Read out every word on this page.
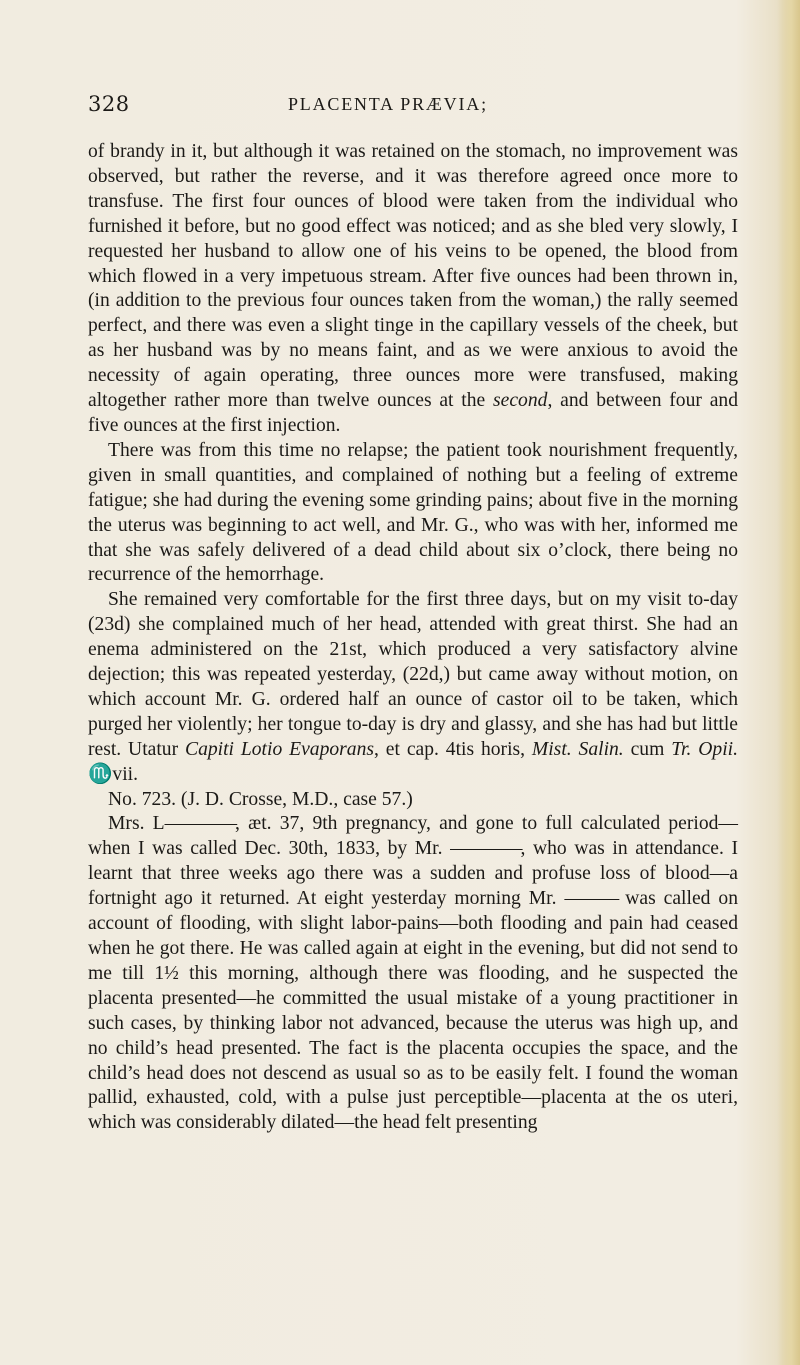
328	PLACENTA PRÆVIA;

of brandy in it, but although it was retained on the stomach, no improvement was observed, but rather the reverse, and it was therefore agreed once more to transfuse. The first four ounces of blood were taken from the individual who furnished it before, but no good effect was noticed; and as she bled very slowly, I requested her husband to allow one of his veins to be opened, the blood from which flowed in a very impetuous stream. After five ounces had been thrown in, (in addition to the previous four ounces taken from the woman,) the rally seemed perfect, and there was even a slight tinge in the capillary vessels of the cheek, but as her husband was by no means faint, and as we were anxious to avoid the necessity of again operating, three ounces more were transfused, making altogether rather more than twelve ounces at the second, and between four and five ounces at the first injection.

There was from this time no relapse; the patient took nourishment frequently, given in small quantities, and complained of nothing but a feeling of extreme fatigue; she had during the evening some grinding pains; about five in the morning the uterus was beginning to act well, and Mr. G., who was with her, informed me that she was safely delivered of a dead child about six o’clock, there being no recurrence of the hemorrhage.

She remained very comfortable for the first three days, but on my visit to-day (23d) she complained much of her head, attended with great thirst. She had an enema administered on the 21st, which produced a very satisfactory alvine dejection; this was repeated yesterday, (22d,) but came away without motion, on which account Mr. G. ordered half an ounce of castor oil to be taken, which purged her violently; her tongue to-day is dry and glassy, and she has had but little rest. Utatur Capiti Lotio Evaporans, et cap. 4tis horis, Mist. Salin. cum Tr. Opii. ♏vii.

No. 723. (J. D. Crosse, M.D., case 57.)

Mrs. L————, æt. 37, 9th pregnancy, and gone to full calculated period—when I was called Dec. 30th, 1833, by Mr. ————, who was in attendance. I learnt that three weeks ago there was a sudden and profuse loss of blood—a fortnight ago it returned. At eight yesterday morning Mr. ——— was called on account of flooding, with slight labor-pains—both flooding and pain had ceased when he got there. He was called again at eight in the evening, but did not send to me till 1½ this morning, although there was flooding, and he suspected the placenta presented—he committed the usual mistake of a young practitioner in such cases, by thinking labor not advanced, because the uterus was high up, and no child’s head presented. The fact is the placenta occupies the space, and the child’s head does not descend as usual so as to be easily felt. I found the woman pallid, exhausted, cold, with a pulse just perceptible—placenta at the os uteri, which was considerably dilated—the head felt presenting
